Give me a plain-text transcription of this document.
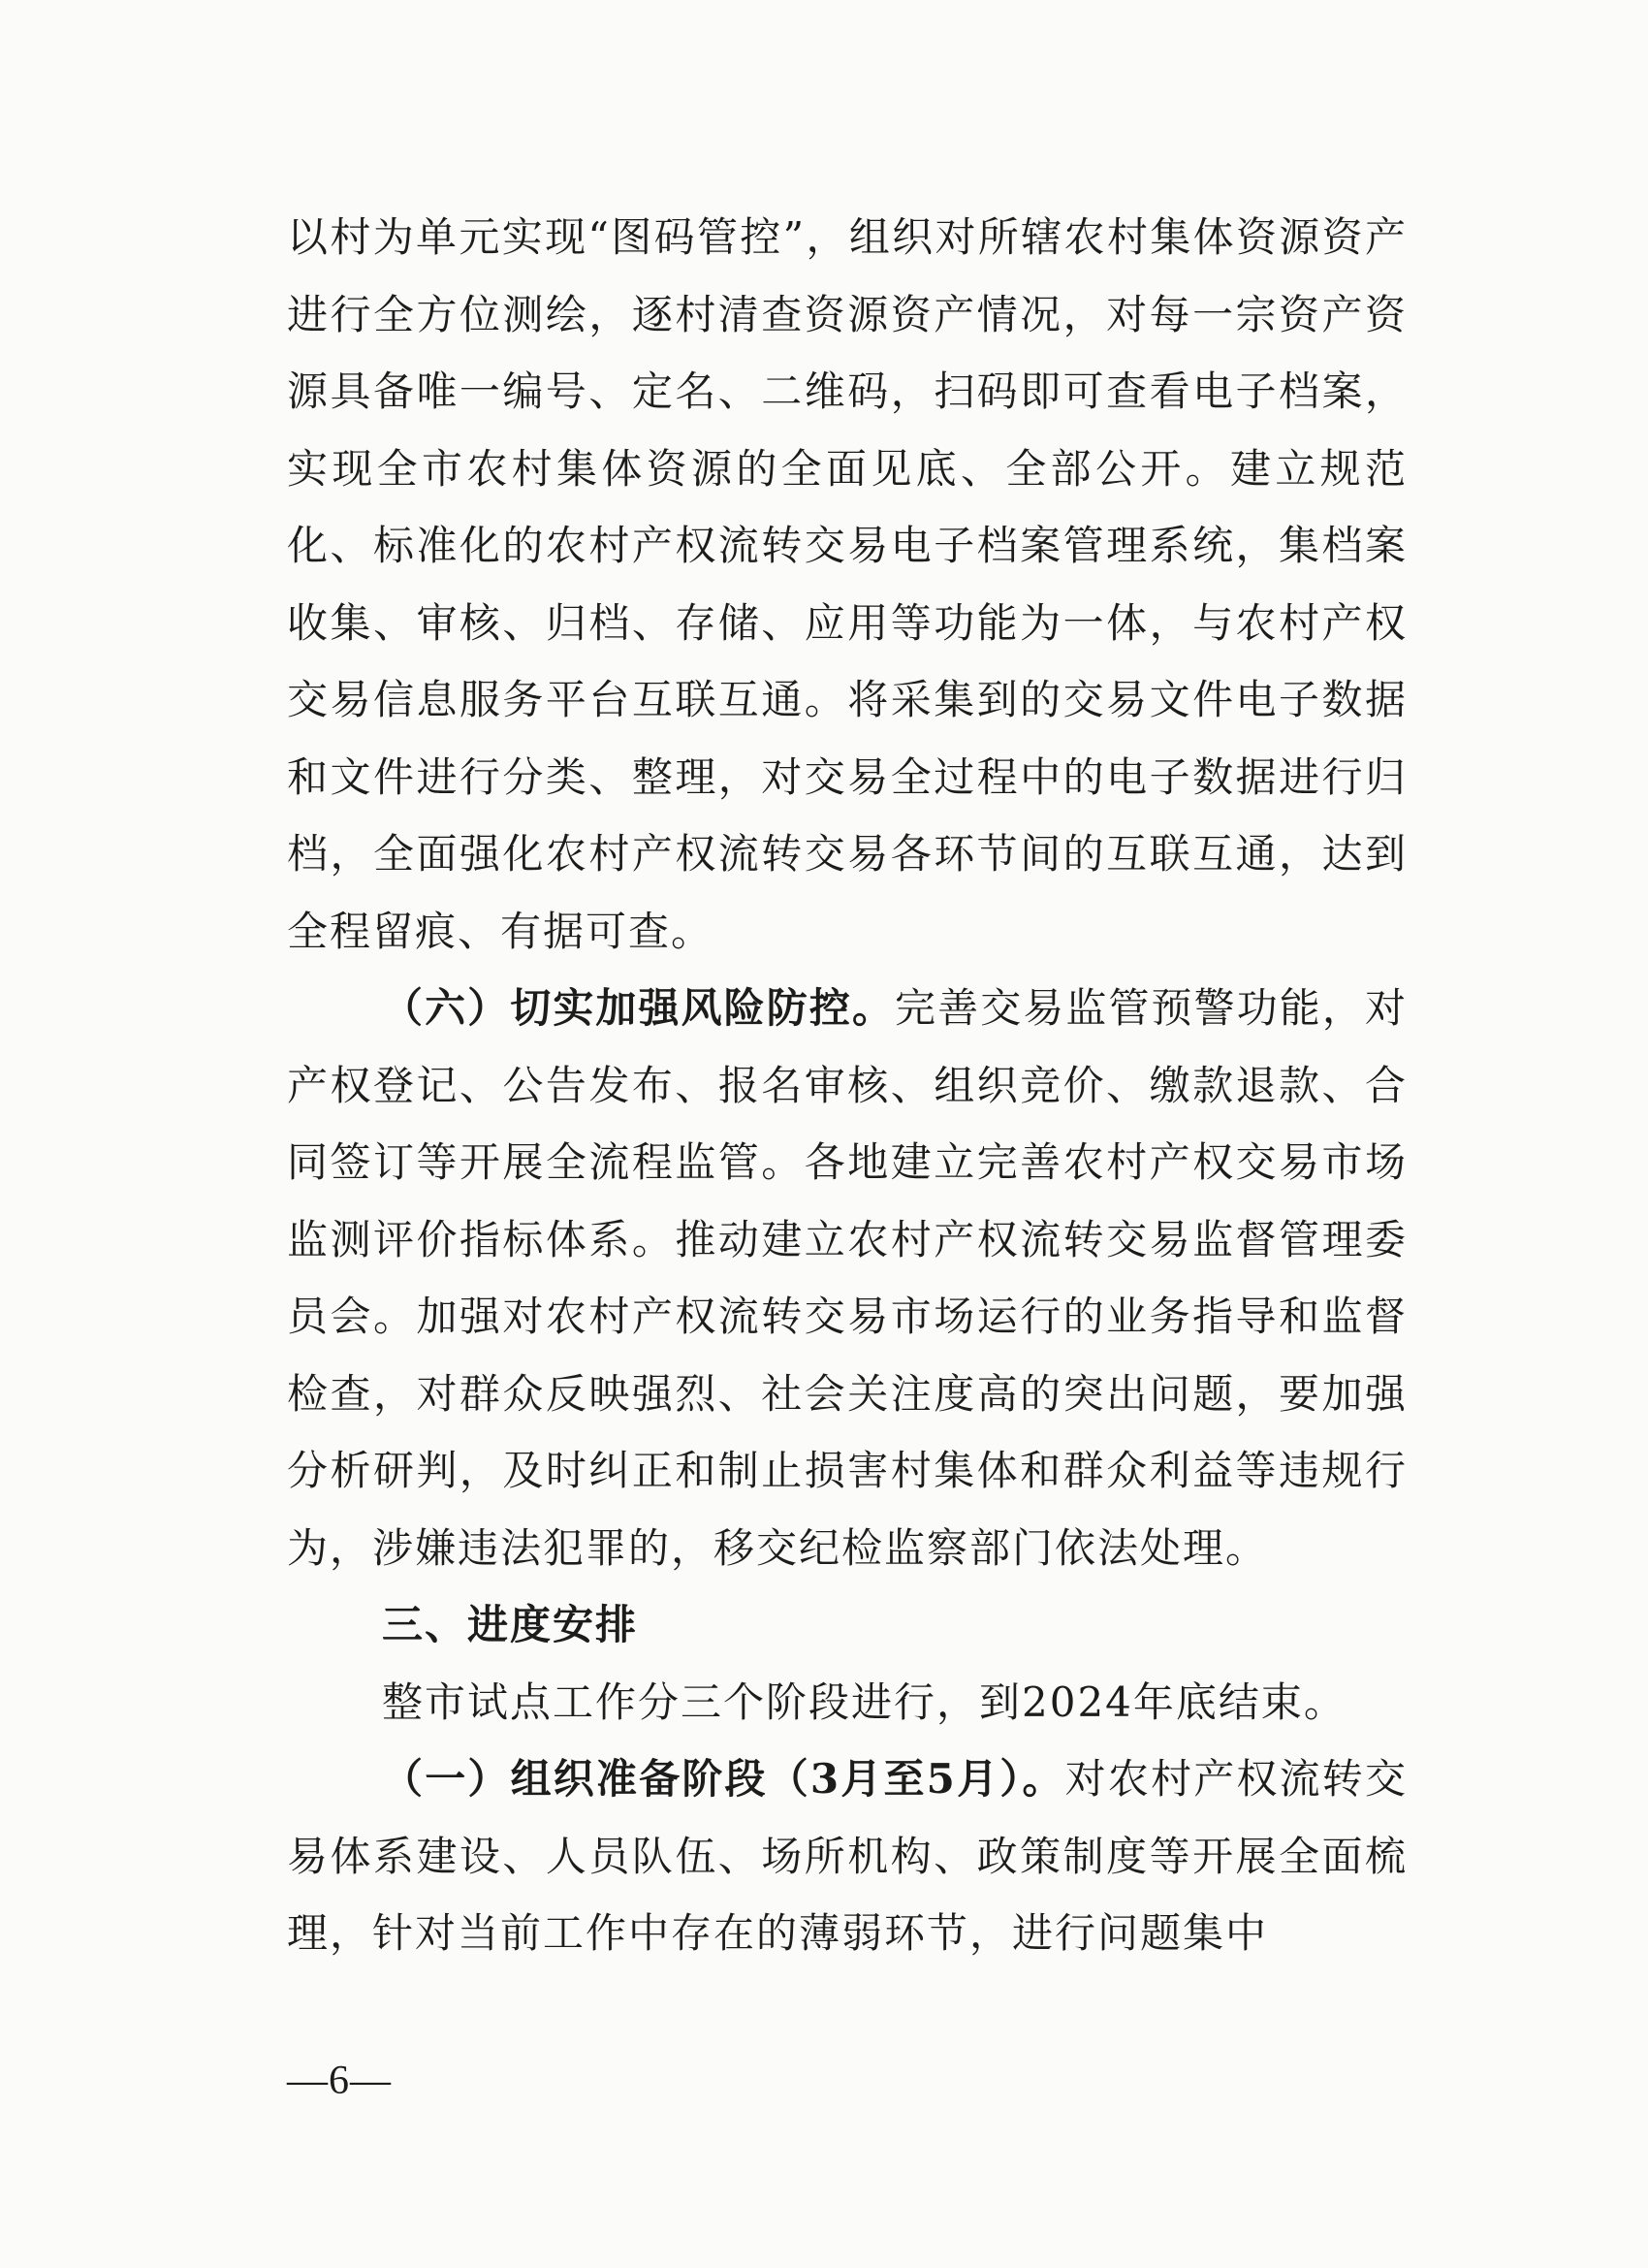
以村为单元实现“图码管控”，组织对所辖农村集体资源资产进行全方位测绘，逐村清查资源资产情况，对每一宗资产资源具备唯一编号、定名、二维码，扫码即可查看电子档案，实现全市农村集体资源的全面见底、全部公开。建立规范化、标准化的农村产权流转交易电子档案管理系统，集档案收集、审核、归档、存储、应用等功能为一体，与农村产权交易信息服务平台互联互通。将采集到的交易文件电子数据和文件进行分类、整理，对交易全过程中的电子数据进行归档，全面强化农村产权流转交易各环节间的互联互通，达到全程留痕、有据可查。

（六）切实加强风险防控。完善交易监管预警功能，对产权登记、公告发布、报名审核、组织竞价、缴款退款、合同签订等开展全流程监管。各地建立完善农村产权交易市场监测评价指标体系。推动建立农村产权流转交易监督管理委员会。加强对农村产权流转交易市场运行的业务指导和监督检查，对群众反映强烈、社会关注度高的突出问题，要加强分析研判，及时纠正和制止损害村集体和群众利益等违规行为，涉嫌违法犯罪的，移交纪检监察部门依法处理。

三、进度安排

整市试点工作分三个阶段进行，到2024年底结束。

（一）组织准备阶段（3月至5月）。对农村产权流转交易体系建设、人员队伍、场所机构、政策制度等开展全面梳理，针对当前工作中存在的薄弱环节，进行问题集中

—6—
